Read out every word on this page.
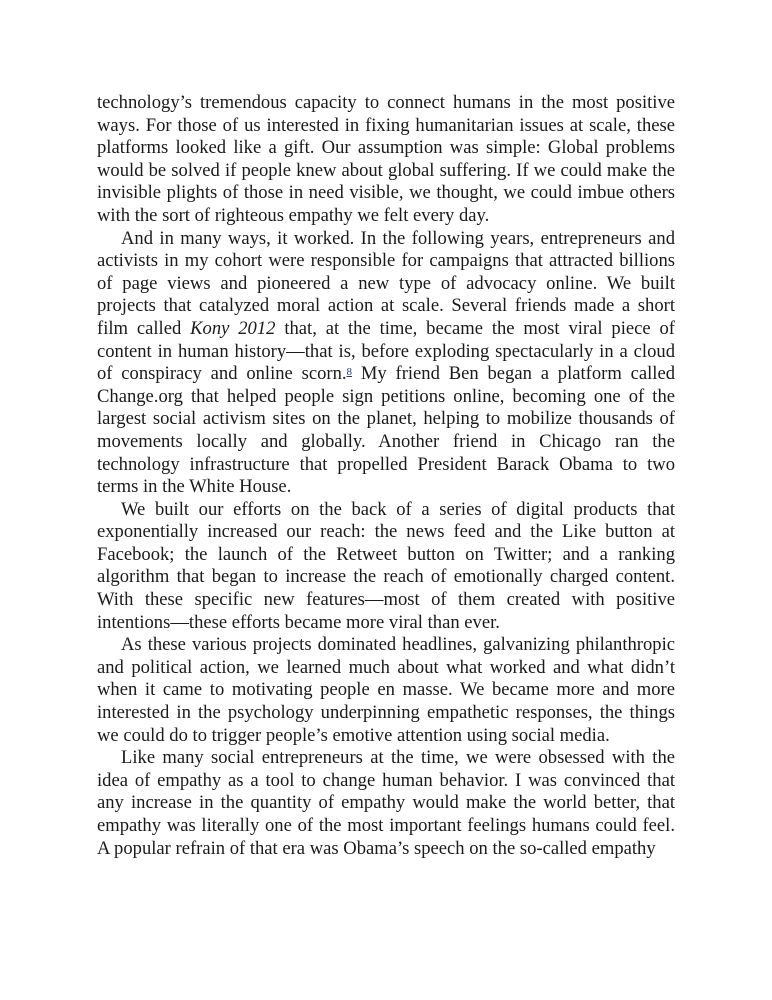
technology’s tremendous capacity to connect humans in the most positive ways. For those of us interested in fixing humanitarian issues at scale, these platforms looked like a gift. Our assumption was simple: Global problems would be solved if people knew about global suffering. If we could make the invisible plights of those in need visible, we thought, we could imbue others with the sort of righteous empathy we felt every day.

And in many ways, it worked. In the following years, entrepreneurs and activists in my cohort were responsible for campaigns that attracted billions of page views and pioneered a new type of advocacy online. We built projects that catalyzed moral action at scale. Several friends made a short film called Kony 2012 that, at the time, became the most viral piece of content in human history—that is, before exploding spectacularly in a cloud of conspiracy and online scorn.$^8$ My friend Ben began a platform called Change.org that helped people sign petitions online, becoming one of the largest social activism sites on the planet, helping to mobilize thousands of movements locally and globally. Another friend in Chicago ran the technology infrastructure that propelled President Barack Obama to two terms in the White House.

We built our efforts on the back of a series of digital products that exponentially increased our reach: the news feed and the Like button at Facebook; the launch of the Retweet button on Twitter; and a ranking algorithm that began to increase the reach of emotionally charged content. With these specific new features—most of them created with positive intentions—these efforts became more viral than ever.

As these various projects dominated headlines, galvanizing philanthropic and political action, we learned much about what worked and what didn’t when it came to motivating people en masse. We became more and more interested in the psychology underpinning empathetic responses, the things we could do to trigger people’s emotive attention using social media.

Like many social entrepreneurs at the time, we were obsessed with the idea of empathy as a tool to change human behavior. I was convinced that any increase in the quantity of empathy would make the world better, that empathy was literally one of the most important feelings humans could feel. A popular refrain of that era was Obama’s speech on the so-called empathy
